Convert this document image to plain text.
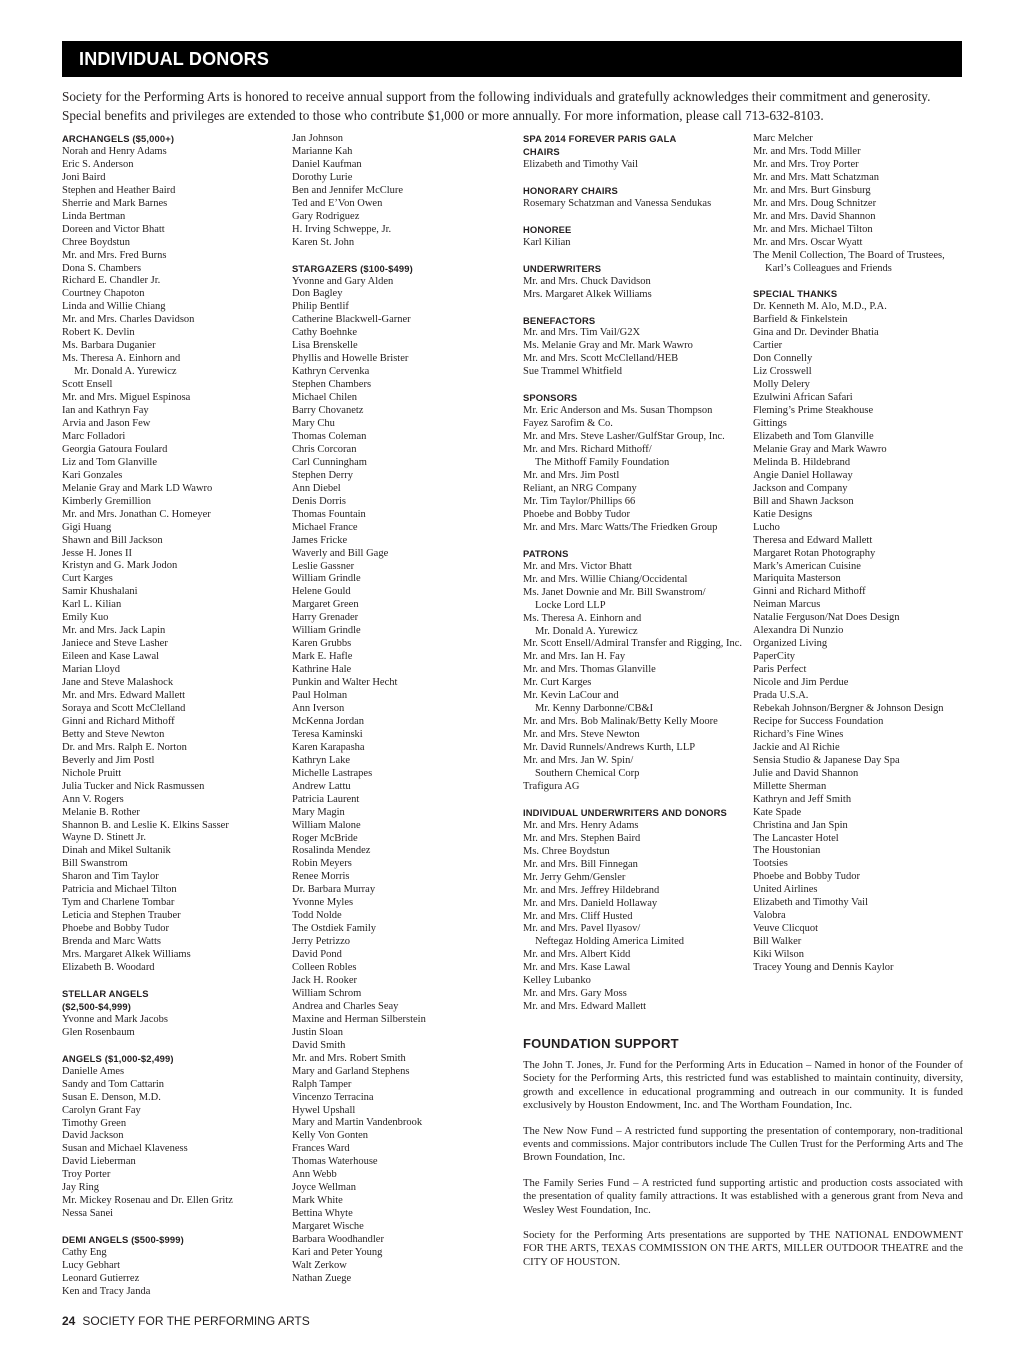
INDIVIDUAL DONORS

Society for the Performing Arts is honored to receive annual support from the following individuals and gratefully acknowledges their commitment and generosity.

Special benefits and privileges are extended to those who contribute $1,000 or more annually. For more information, please call 713-632-8103.

ARCHANGELS ($5,000+)
Norah and Henry Adams
Eric S. Anderson
Joni Baird
Stephen and Heather Baird
Sherrie and Mark Barnes
Linda Bertman
Doreen and Victor Bhatt
Chree Boydstun
Mr. and Mrs. Fred Burns
Dona S. Chambers
Richard E. Chandler Jr.
Courtney Chapoton
Linda and Willie Chiang
Mr. and Mrs. Charles Davidson
Robert K. Devlin
Ms. Barbara Duganier
Ms. Theresa A. Einhorn and
Mr. Donald A. Yurewicz
Scott Ensell
Mr. and Mrs. Miguel Espinosa
Ian and Kathryn Fay
Arvia and Jason Few
Marc Folladori
Georgia Gatoura Foulard
Liz and Tom Glanville
Kari Gonzales
Melanie Gray and Mark LD Wawro
Kimberly Gremillion
Mr. and Mrs. Jonathan C. Homeyer
Gigi Huang
Shawn and Bill Jackson
Jesse H. Jones II
Kristyn and G. Mark Jodon
Curt Karges
Samir Khushalani
Karl L. Kilian
Emily Kuo
Mr. and Mrs. Jack Lapin
Janiece and Steve Lasher
Eileen and Kase Lawal
Marian Lloyd
Jane and Steve Malashock
Mr. and Mrs. Edward Mallett
Soraya and Scott McClelland
Ginni and Richard Mithoff
Betty and Steve Newton
Dr. and Mrs. Ralph E. Norton
Beverly and Jim Postl
Nichole Pruitt
Julia Tucker and Nick Rasmussen
Ann V. Rogers
Melanie B. Rother
Shannon B. and Leslie K. Elkins Sasser
Wayne D. Stinett Jr.
Dinah and Mikel Sultanik
Bill Swanstrom
Sharon and Tim Taylor
Patricia and Michael Tilton
Tym and Charlene Tombar
Leticia and Stephen Trauber
Phoebe and Bobby Tudor
Brenda and Marc Watts
Mrs. Margaret Alkek Williams
Elizabeth B. Woodard
STELLAR ANGELS
($2,500-$4,999)
Yvonne and Mark Jacobs
Glen Rosenbaum
ANGELS ($1,000-$2,499)
Danielle Ames
Sandy and Tom Cattarin
Susan E. Denson, M.D.
Carolyn Grant Fay
Timothy Green
David Jackson
Susan and Michael Klaveness
David Lieberman
Troy Porter
Jay Ring
Mr. Mickey Rosenau and Dr. Ellen Gritz
Nessa Sanei
DEMI ANGELS ($500-$999)
Cathy Eng
Lucy Gebhart
Leonard Gutierrez
Ken and Tracy Janda
Jan Johnson
Marianne Kah
Daniel Kaufman
Dorothy Lurie
Ben and Jennifer McClure
Ted and E’Von Owen
Gary Rodriguez
H. Irving Schweppe, Jr.
Karen St. John
STARGAZERS ($100-$499)
Yvonne and Gary Alden
Don Bagley
Philip Bentlif
Catherine Blackwell-Garner
Cathy Boehnke
Lisa Brenskelle
Phyllis and Howelle Brister
Kathryn Cervenka
Stephen Chambers
Michael Chilen
Barry Chovanetz
Mary Chu
Thomas Coleman
Chris Corcoran
Carl Cunningham
Stephen Derry
Ann Diebel
Denis Dorris
Thomas Fountain
Michael France
James Fricke
Waverly and Bill Gage
Leslie Gassner
William Grindle
Helene Gould
Margaret Green
Harry Grenader
William Grindle
Karen Grubbs
Mark E. Hafle
Kathrine Hale
Punkin and Walter Hecht
Paul Holman
Ann Iverson
McKenna Jordan
Teresa Kaminski
Karen Karapasha
Kathryn Lake
Michelle Lastrapes
Andrew Lattu
Patricia Laurent
Mary Magin
William Malone
Roger McBride
Rosalinda Mendez
Robin Meyers
Renee Morris
Dr. Barbara Murray
Yvonne Myles
Todd Nolde
The Ostdiek Family
Jerry Petrizzo
David Pond
Colleen Robles
Jack H. Rooker
William Schrom
Andrea and Charles Seay
Maxine and Herman Silberstein
Justin Sloan
David Smith
Mr. and Mrs. Robert Smith
Mary and Garland Stephens
Ralph Tamper
Vincenzo Terracina
Hywel Upshall
Mary and Martin Vandenbrook
Kelly Von Gonten
Frances Ward
Thomas Waterhouse
Ann Webb
Joyce Wellman
Mark White
Bettina Whyte
Margaret Wische
Barbara Woodhandler
Kari and Peter Young
Walt Zerkow
Nathan Zuege
SPA 2014 FOREVER PARIS GALA
CHAIRS
Elizabeth and Timothy Vail
HONORARY CHAIRS
Rosemary Schatzman and Vanessa Sendukas
HONOREE
Karl Kilian
UNDERWRITERS
Mr. and Mrs. Chuck Davidson
Mrs. Margaret Alkek Williams
BENEFACTORS
Mr. and Mrs. Tim Vail/G2X
Ms. Melanie Gray and Mr. Mark Wawro
Mr. and Mrs. Scott McClelland/HEB
Sue Trammel Whitfield
SPONSORS
Mr. Eric Anderson and Ms. Susan Thompson
Fayez Sarofim & Co.
Mr. and Mrs. Steve Lasher/GulfStar Group, Inc.
Mr. and Mrs. Richard Mithoff/
The Mithoff Family Foundation
Mr. and Mrs. Jim Postl
Reliant, an NRG Company
Mr. Tim Taylor/Phillips 66
Phoebe and Bobby Tudor
Mr. and Mrs. Marc Watts/The Friedken Group
PATRONS
Mr. and Mrs. Victor Bhatt
Mr. and Mrs. Willie Chiang/Occidental
Ms. Janet Downie and Mr. Bill Swanstrom/
Locke Lord LLP
Ms. Theresa A. Einhorn and
Mr. Donald A. Yurewicz
Mr. Scott Ensell/Admiral Transfer and Rigging, Inc.
Mr. and Mrs. Ian H. Fay
Mr. and Mrs. Thomas Glanville
Mr. Curt Karges
Mr. Kevin LaCour and
Mr. Kenny Darbonne/CB&I
Mr. and Mrs. Bob Malinak/Betty Kelly Moore
Mr. and Mrs. Steve Newton
Mr. David Runnels/Andrews Kurth, LLP
Mr. and Mrs. Jan W. Spin/
Southern Chemical Corp
Trafigura AG
INDIVIDUAL UNDERWRITERS AND DONORS
Mr. and Mrs. Henry Adams
Mr. and Mrs. Stephen Baird
Ms. Chree Boydstun
Mr. and Mrs. Bill Finnegan
Mr. Jerry Gehm/Gensler
Mr. and Mrs. Jeffrey Hildebrand
Mr. and Mrs. Danield Hollaway
Mr. and Mrs. Cliff Husted
Mr. and Mrs. Pavel Ilyasov/
Neftegaz Holding America Limited
Mr. and Mrs. Albert Kidd
Mr. and Mrs. Kase Lawal
Kelley Lubanko
Mr. and Mrs. Gary Moss
Mr. and Mrs. Edward Mallett
Marc Melcher
Mr. and Mrs. Todd Miller
Mr. and Mrs. Troy Porter
Mr. and Mrs. Matt Schatzman
Mr. and Mrs. Burt Ginsburg
Mr. and Mrs. Doug Schnitzer
Mr. and Mrs. David Shannon
Mr. and Mrs. Michael Tilton
Mr. and Mrs. Oscar Wyatt
The Menil Collection, The Board of Trustees,
Karl’s Colleagues and Friends
SPECIAL THANKS
Dr. Kenneth M. Alo, M.D., P.A.
Barfield & Finkelstein
Gina and Dr. Devinder Bhatia
Cartier
Don Connelly
Liz Crosswell
Molly Delery
Ezulwini African Safari
Fleming’s Prime Steakhouse
Gittings
Elizabeth and Tom Glanville
Melanie Gray and Mark Wawro
Melinda B. Hildebrand
Angie Daniel Hollaway
Jackson and Company
Bill and Shawn Jackson
Katie Designs
Lucho
Theresa and Edward Mallett
Margaret Rotan Photography
Mark’s American Cuisine
Mariquita Masterson
Ginni and Richard Mithoff
Neiman Marcus
Natalie Ferguson/Nat Does Design
Alexandra Di Nunzio
Organized Living
PaperCity
Paris Perfect
Nicole and Jim Perdue
Prada U.S.A.
Rebekah Johnson/Bergner & Johnson Design
Recipe for Success Foundation
Richard’s Fine Wines
Jackie and Al Richie
Sensia Studio & Japanese Day Spa
Julie and David Shannon
Millette Sherman
Kathryn and Jeff Smith
Kate Spade
Christina and Jan Spin
The Lancaster Hotel
The Houstonian
Tootsies
Phoebe and Bobby Tudor
United Airlines
Elizabeth and Timothy Vail
Valobra
Veuve Clicquot
Bill Walker
Kiki Wilson
Tracey Young and Dennis Kaylor
FOUNDATION SUPPORT

The John T. Jones, Jr. Fund for the Performing Arts in Education – Named in honor of the Founder of Society for the Performing Arts, this restricted fund was established to maintain continuity, diversity, growth and excellence in educational programming and outreach in our community. It is funded exclusively by Houston Endowment, Inc. and The Wortham Foundation, Inc.

The New Now Fund – A restricted fund supporting the presentation of contemporary, non-traditional events and commissions. Major contributors include The Cullen Trust for the Performing Arts and The Brown Foundation, Inc.

The Family Series Fund – A restricted fund supporting artistic and production costs associated with the presentation of quality family attractions. It was established with a generous grant from Neva and Wesley West Foundation, Inc.

Society for the Performing Arts presentations are supported by THE NATIONAL ENDOWMENT FOR THE ARTS, TEXAS COMMISSION ON THE ARTS, MILLER OUTDOOR THEATRE and the CITY OF HOUSTON.

24 SOCIETY FOR THE PERFORMING ARTS
